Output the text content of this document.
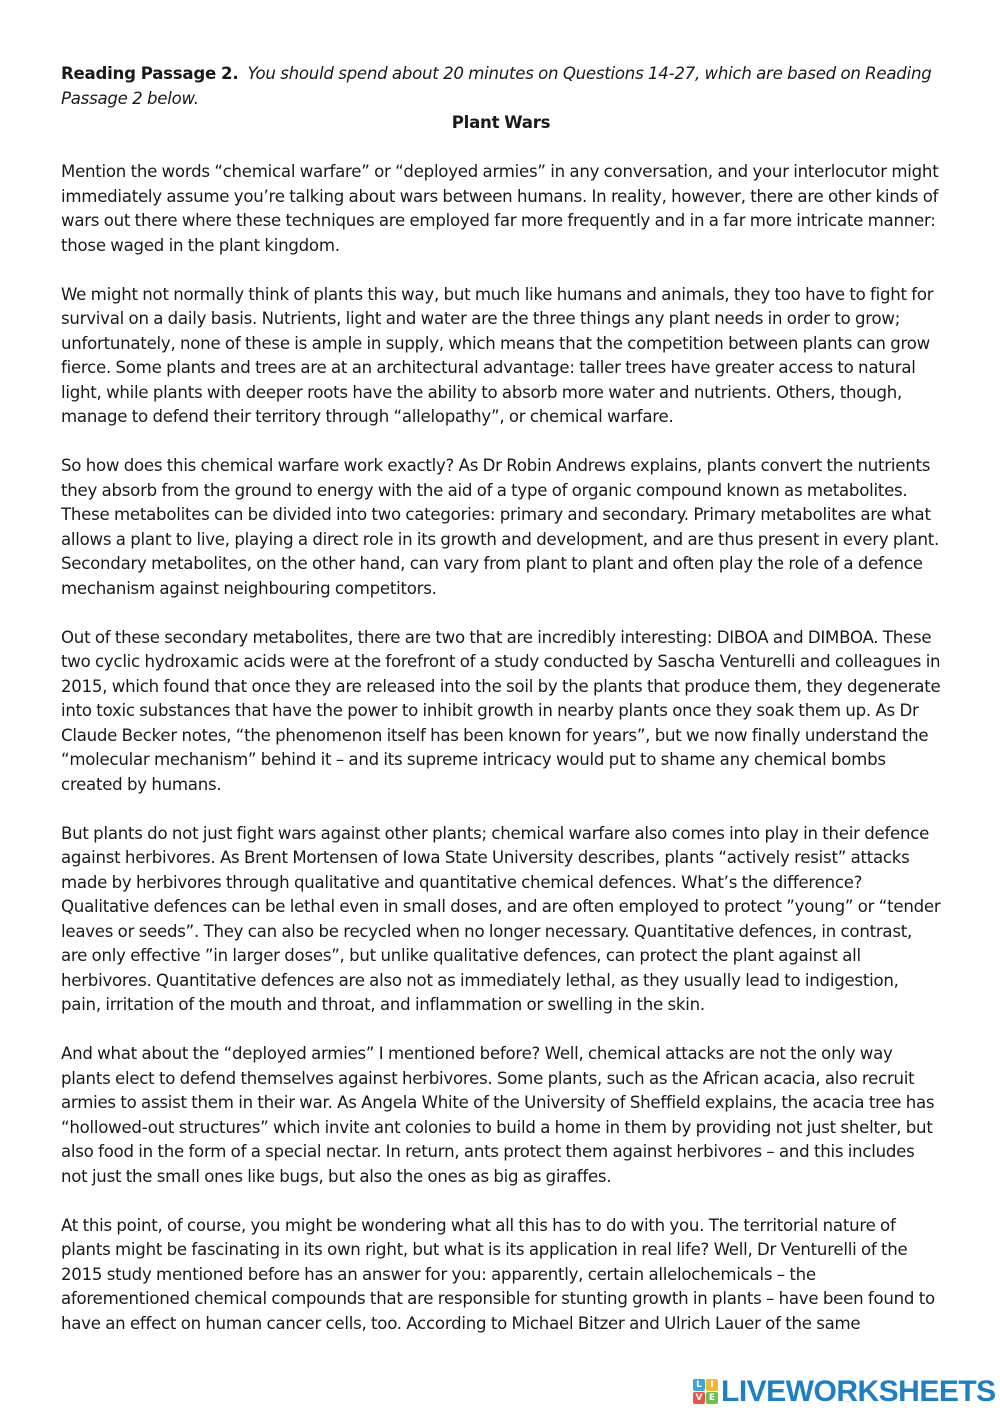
Reading Passage 2. You should spend about 20 minutes on Questions 14-27, which are based on Reading Passage 2 below.

Plant Wars

Mention the words “chemical warfare” or “deployed armies” in any conversation, and your interlocutor might immediately assume you’re talking about wars between humans. In reality, however, there are other kinds of wars out there where these techniques are employed far more frequently and in a far more intricate manner: those waged in the plant kingdom.

We might not normally think of plants this way, but much like humans and animals, they too have to fight for survival on a daily basis. Nutrients, light and water are the three things any plant needs in order to grow; unfortunately, none of these is ample in supply, which means that the competition between plants can grow fierce. Some plants and trees are at an architectural advantage: taller trees have greater access to natural light, while plants with deeper roots have the ability to absorb more water and nutrients. Others, though, manage to defend their territory through “allelopathy”, or chemical warfare.

So how does this chemical warfare work exactly? As Dr Robin Andrews explains, plants convert the nutrients they absorb from the ground to energy with the aid of a type of organic compound known as metabolites. These metabolites can be divided into two categories: primary and secondary. Primary metabolites are what allows a plant to live, playing a direct role in its growth and development, and are thus present in every plant. Secondary metabolites, on the other hand, can vary from plant to plant and often play the role of a defence mechanism against neighbouring competitors.

Out of these secondary metabolites, there are two that are incredibly interesting: DIBOA and DIMBOA. These two cyclic hydroxamic acids were at the forefront of a study conducted by Sascha Venturelli and colleagues in 2015, which found that once they are released into the soil by the plants that produce them, they degenerate into toxic substances that have the power to inhibit growth in nearby plants once they soak them up. As Dr Claude Becker notes, “the phenomenon itself has been known for years”, but we now finally understand the “molecular mechanism” behind it – and its supreme intricacy would put to shame any chemical bombs created by humans.

But plants do not just fight wars against other plants; chemical warfare also comes into play in their defence against herbivores. As Brent Mortensen of Iowa State University describes, plants “actively resist” attacks made by herbivores through qualitative and quantitative chemical defences. What’s the difference? Qualitative defences can be lethal even in small doses, and are often employed to protect ”young” or “tender leaves or seeds”. They can also be recycled when no longer necessary. Quantitative defences, in contrast, are only effective ”in larger doses”, but unlike qualitative defences, can protect the plant against all herbivores. Quantitative defences are also not as immediately lethal, as they usually lead to indigestion, pain, irritation of the mouth and throat, and inflammation or swelling in the skin.

And what about the “deployed armies” I mentioned before? Well, chemical attacks are not the only way plants elect to defend themselves against herbivores. Some plants, such as the African acacia, also recruit armies to assist them in their war. As Angela White of the University of Sheffield explains, the acacia tree has “hollowed-out structures” which invite ant colonies to build a home in them by providing not just shelter, but also food in the form of a special nectar. In return, ants protect them against herbivores – and this includes not just the small ones like bugs, but also the ones as big as giraffes.

At this point, of course, you might be wondering what all this has to do with you. The territorial nature of plants might be fascinating in its own right, but what is its application in real life? Well, Dr Venturelli of the 2015 study mentioned before has an answer for you: apparently, certain allelochemicals – the aforementioned chemical compounds that are responsible for stunting growth in plants – have been found to have an effect on human cancer cells, too. According to Michael Bitzer and Ulrich Lauer of the same

L I
V E LIVEWORKSHEETS
